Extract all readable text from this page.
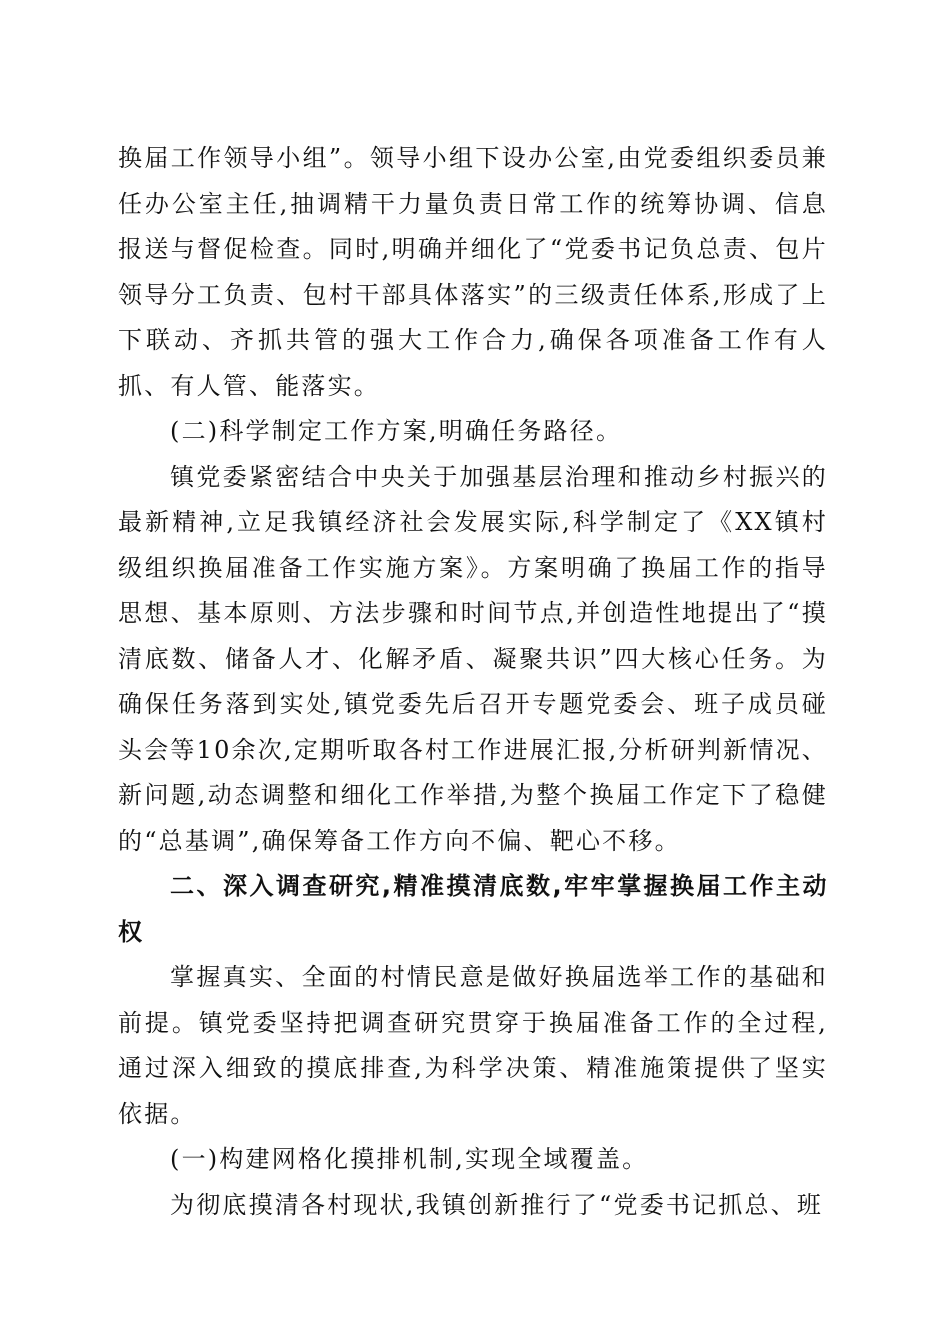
换届工作领导小组”。领导小组下设办公室,由党委组织委员兼任办公室主任,抽调精干力量负责日常工作的统筹协调、信息报送与督促检查。同时,明确并细化了“党委书记负总责、包片领导分工负责、包村干部具体落实”的三级责任体系,形成了上下联动、齐抓共管的强大工作合力,确保各项准备工作有人抓、有人管、能落实。

(二)科学制定工作方案,明确任务路径。

镇党委紧密结合中央关于加强基层治理和推动乡村振兴的最新精神,立足我镇经济社会发展实际,科学制定了《XX镇村级组织换届准备工作实施方案》。方案明确了换届工作的指导思想、基本原则、方法步骤和时间节点,并创造性地提出了“摸清底数、储备人才、化解矛盾、凝聚共识”四大核心任务。为确保任务落到实处,镇党委先后召开专题党委会、班子成员碰头会等10余次,定期听取各村工作进展汇报,分析研判新情况、新问题,动态调整和细化工作举措,为整个换届工作定下了稳健的“总基调”,确保筹备工作方向不偏、靶心不移。

二、深入调查研究,精准摸清底数,牢牢掌握换届工作主动权

掌握真实、全面的村情民意是做好换届选举工作的基础和前提。镇党委坚持把调查研究贯穿于换届准备工作的全过程,通过深入细致的摸底排查,为科学决策、精准施策提供了坚实依据。

(一)构建网格化摸排机制,实现全域覆盖。

为彻底摸清各村现状,我镇创新推行了“党委书记抓总、班
